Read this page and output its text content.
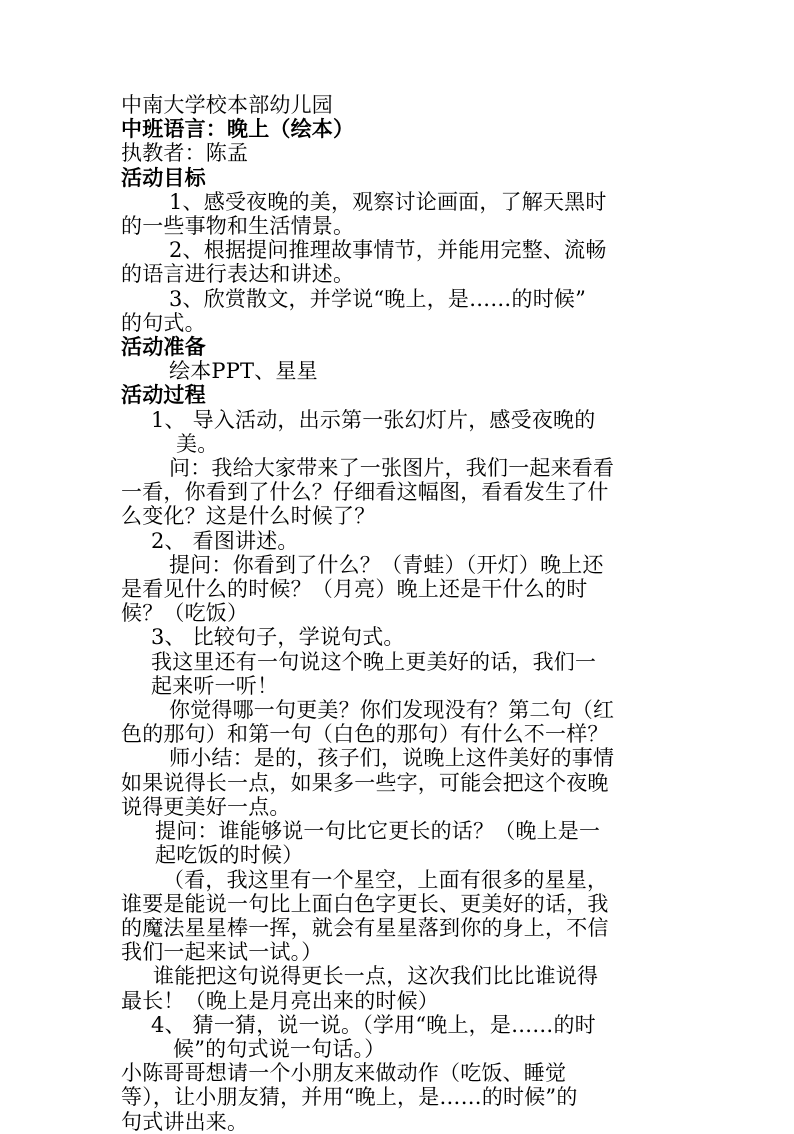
中南大学校本部幼儿园
中班语言：晚上（绘本）
执教者：陈孟
活动目标
1、感受夜晚的美，观察讨论画面，了解天黑时
的一些事物和生活情景。
2、根据提问推理故事情节，并能用完整、流畅
的语言进行表达和讲述。
3、欣赏散文，并学说“晚上，是……的时候”
的句式。
活动准备
绘本PPT、星星
活动过程
1、 导入活动，出示第一张幻灯片，感受夜晚的
美。
问：我给大家带来了一张图片，我们一起来看看
一看，你看到了什么？仔细看这幅图，看看发生了什
么变化？这是什么时候了？
2、 看图讲述。
提问：你看到了什么？（青蛙）（开灯）晚上还
是看见什么的时候？（月亮）晚上还是干什么的时
候？（吃饭）
3、 比较句子，学说句式。
我这里还有一句说这个晚上更美好的话，我们一
起来听一听！
你觉得哪一句更美？你们发现没有？第二句（红
色的那句）和第一句（白色的那句）有什么不一样？
师小结：是的，孩子们，说晚上这件美好的事情
如果说得长一点，如果多一些字，可能会把这个夜晚
说得更美好一点。
提问：谁能够说一句比它更长的话？（晚上是一
起吃饭的时候）
（看，我这里有一个星空，上面有很多的星星，
谁要是能说一句比上面白色字更长、更美好的话，我
的魔法星星棒一挥，就会有星星落到你的身上，不信
我们一起来试一试。）
谁能把这句说得更长一点，这次我们比比谁说得
最长！（晚上是月亮出来的时候）
4、 猜一猜，说一说。（学用“晚上，是……的时
候”的句式说一句话。）
小陈哥哥想请一个小朋友来做动作（吃饭、睡觉
等），让小朋友猜，并用“晚上，是……的时候”的
句式讲出来。
